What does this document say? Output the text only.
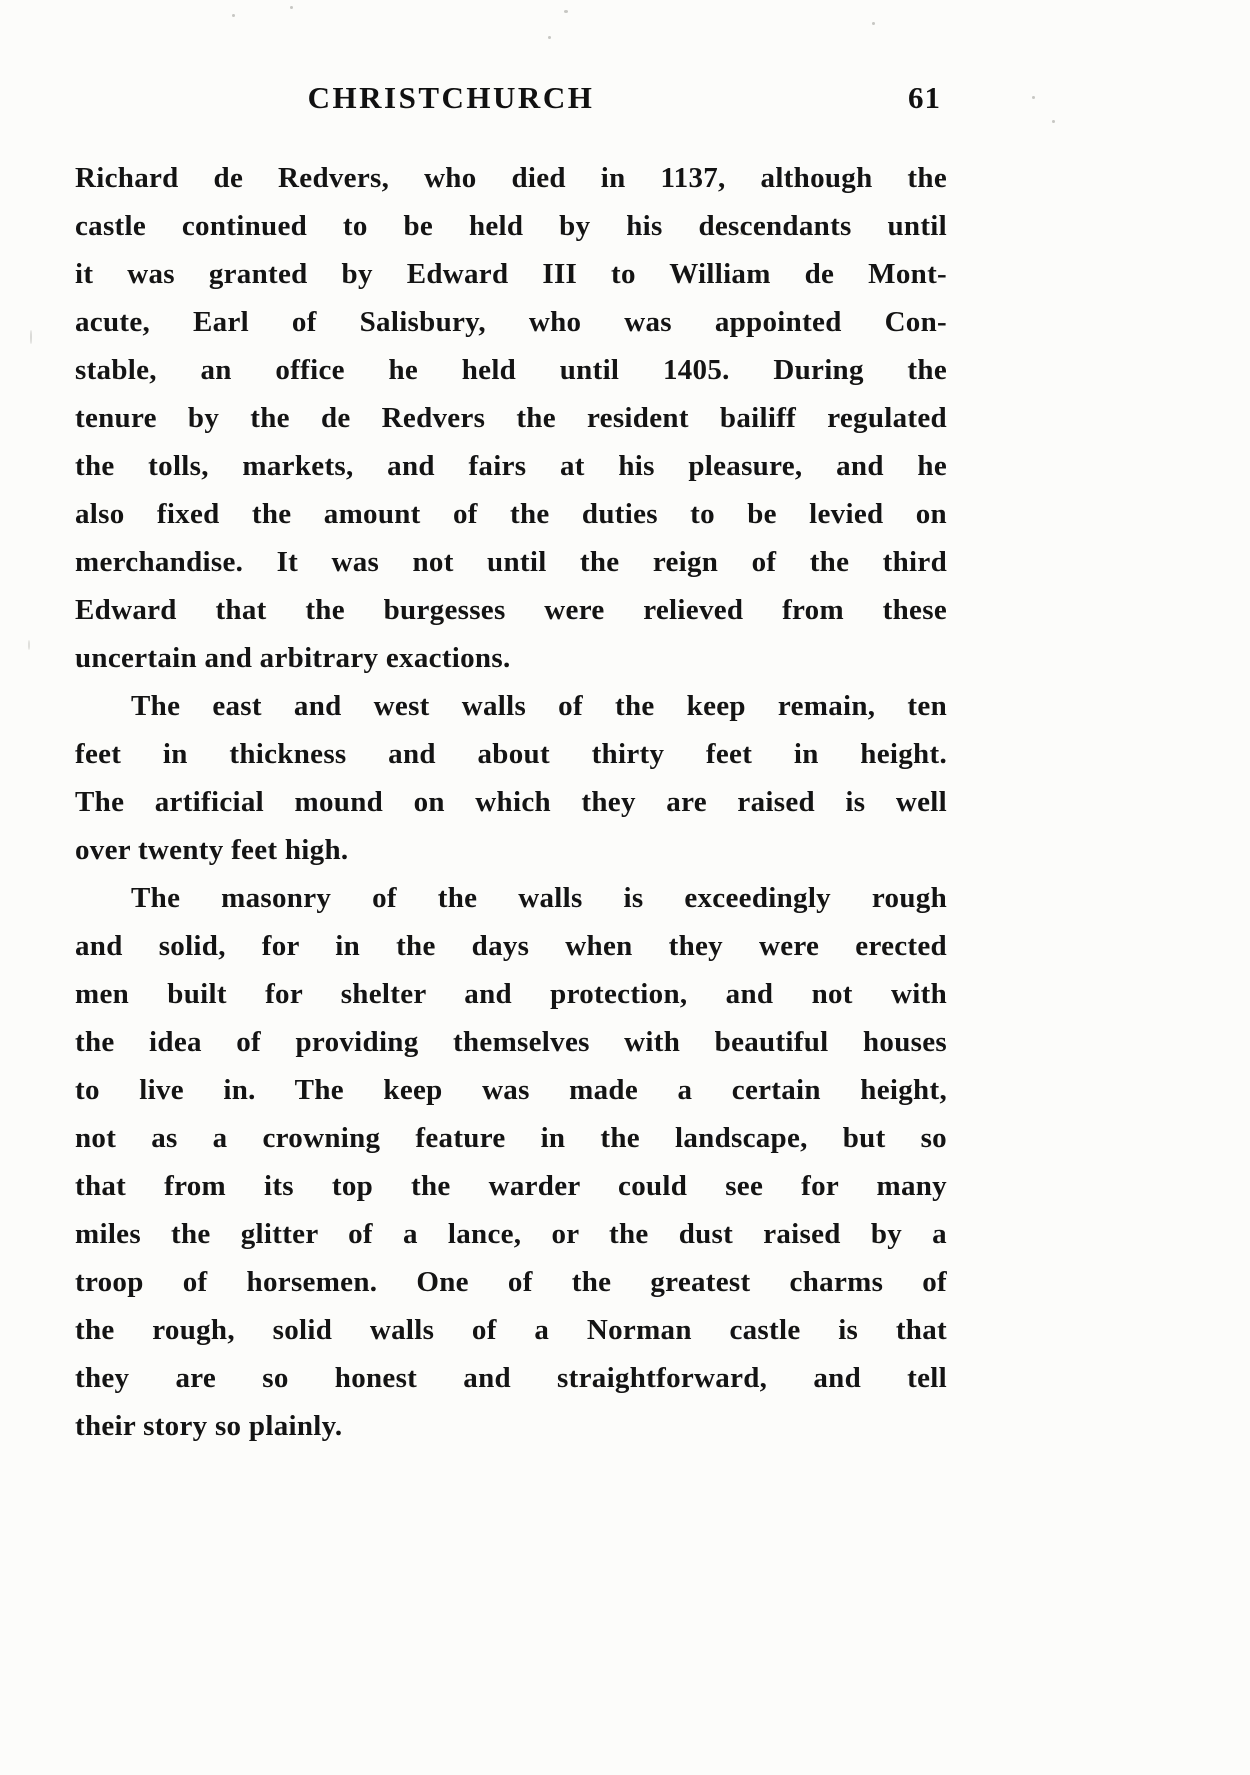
CHRISTCHURCH	61
Richard de Redvers, who died in 1137, although the
castle continued to be held by his descendants until
it was granted by Edward III to William de Mont-
acute, Earl of Salisbury, who was appointed Con-
stable, an office he held until 1405. During the
tenure by the de Redvers the resident bailiff regulated
the tolls, markets, and fairs at his pleasure, and he
also fixed the amount of the duties to be levied on
merchandise. It was not until the reign of the third
Edward that the burgesses were relieved from these
uncertain and arbitrary exactions.
The east and west walls of the keep remain, ten
feet in thickness and about thirty feet in height.
The artificial mound on which they are raised is well
over twenty feet high.
The masonry of the walls is exceedingly rough
and solid, for in the days when they were erected
men built for shelter and protection, and not with
the idea of providing themselves with beautiful houses
to live in. The keep was made a certain height,
not as a crowning feature in the landscape, but so
that from its top the warder could see for many
miles the glitter of a lance, or the dust raised by a
troop of horsemen. One of the greatest charms of
the rough, solid walls of a Norman castle is that
they are so honest and straightforward, and tell
their story so plainly.
